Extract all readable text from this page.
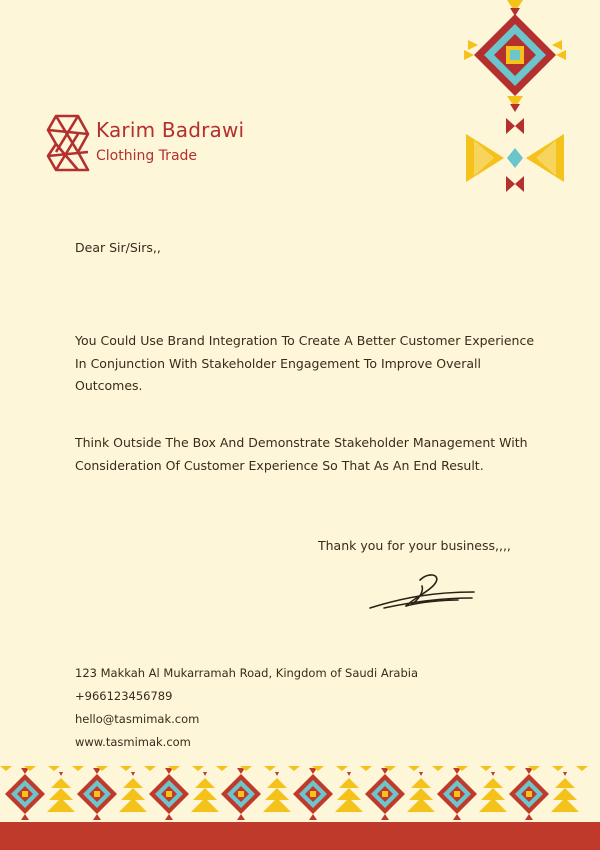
Karim Badrawi
Clothing Trade
Dear Sir/Sirs,,
You Could Use Brand Integration To Create A Better Customer Experience In Conjunction With Stakeholder Engagement To Improve Overall Outcomes.
Think Outside The Box And Demonstrate Stakeholder Management With Consideration Of Customer Experience So That As An End Result.
Thank you for your business,,,,
123 Makkah Al Mukarramah Road, Kingdom of Saudi Arabia
+966123456789
hello@tasmimak.com
www.tasmimak.com
